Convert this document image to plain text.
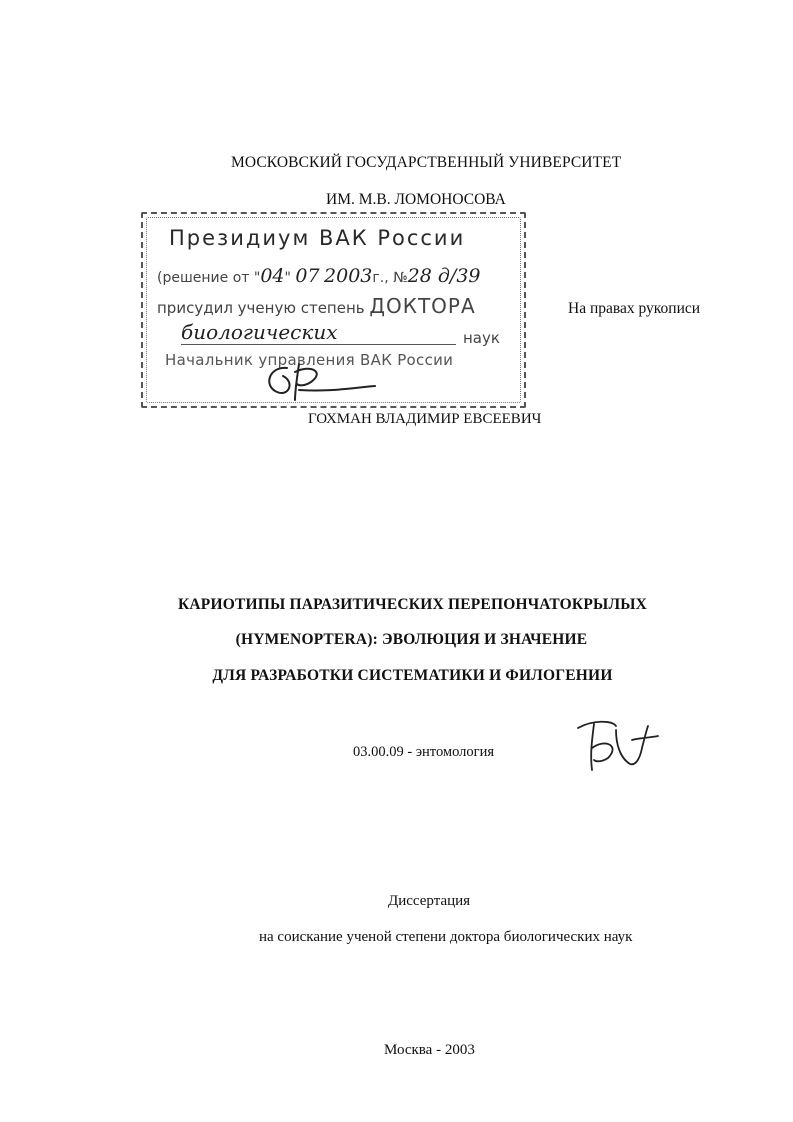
МОСКОВСКИЙ ГОСУДАРСТВЕННЫЙ УНИВЕРСИТЕТ
ИМ. М.В. ЛОМОНОСОВА
Президиум ВАК России
(решение от "04" 07 2003г., №28 д/39
присудил ученую степень ДОКТОРА
биологических	наук
Начальник управления ВАК России
На правах рукописи
ГОХМАН ВЛАДИМИР ЕВСЕЕВИЧ
КАРИОТИПЫ ПАРАЗИТИЧЕСКИХ ПЕРЕПОНЧАТОКРЫЛЫХ
(HYMENOPTERA): ЭВОЛЮЦИЯ И ЗНАЧЕНИЕ
ДЛЯ РАЗРАБОТКИ СИСТЕМАТИКИ И ФИЛОГЕНИИ
03.00.09 - энтомология
Диссертация
на соискание ученой степени доктора биологических наук
Москва - 2003
